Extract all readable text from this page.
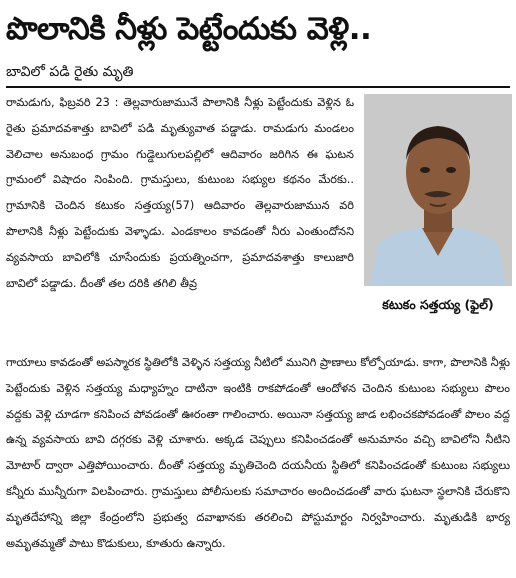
పొలానికి నీళ్లు పెట్టేందుకు వెళ్లి..
బావిలో పడి రైతు మృతి

రామడుగు, ఫిబ్రవరి 23 : తెల్లవారుజామునే పొలానికి నీళ్లు పెట్టేందుకు వెళ్లిన ఓ రైతు ప్రమాదవశాత్తు బావిలో పడి మృత్యువాత పడ్డాడు. రామడుగు మండలం వెలిచాల అనుబంధ గ్రామం గుడ్డెలుగులపల్లిలో ఆదివారం జరిగిన ఈ ఘటన గ్రామంలో విషాదం నింపింది. గ్రామస్తులు, కుటుంబ సభ్యుల కథనం మేరకు.. గ్రామానికి చెందిన కటుకం సత్తయ్య(57) ఆదివారం తెల్లవారుజామున వరి పొలానికి నీళ్లు పెట్టేందుకు వెళ్ళాడు. ఎండకాలం కావడంతో నీరు ఎంతుందోనని వ్యవసాయ బావిలోకి చూసేందుకు ప్రయత్నించగా, ప్రమాదవశాత్తు కాలుజారి బావిలో పడ్డాడు. దీంతో తల దరికి తగిలి తీవ్ర

కటుకం సత్తయ్య (ఫైల్)

గాయాలు కావడంతో అపస్మారక స్థితిలోకి వెళ్ళిన సత్తయ్య నీటిలో మునిగి ప్రాణాలు కోల్పోయాడు. కాగా, పొలానికి నీళ్లు పెట్టేందుకు వెళ్లిన సత్తయ్య మధ్యాహ్నం దాటినా ఇంటికి రాకపోడంతో ఆందోళన చెందిన కుటుంబ సభ్యులు పొలం వద్దకు వెళ్లి చూడగా కనిపించ పోవడంతో ఊరంతా గాలించారు. అయినా సత్తయ్య జాడ లభించకపోవడంతో పొలం వద్ద ఉన్న వ్యవసాయ బావి దగ్గరకు వెళ్లి చూశారు. అక్కడ చెప్పులు కనిపించడంతో అనుమానం వచ్చి బావిలోని నీటిని మోటార్ ద్వారా ఎత్తిపోయించారు. దీంతో సత్తయ్య మృతిచెంది దయనీయ స్థితిలో కనిపించడంతో కుటుంబ సభ్యులు కన్నీరు మున్నీరుగా విలపించారు. గ్రామస్తులు పోలీసులకు సమాచారం అందించడంతో వారు ఘటనా స్థలానికి చేరుకొని మృతదేహాన్ని జిల్లా కేంద్రంలోని ప్రభుత్వ దవాఖానకు తరలించి పోస్టుమార్టం నిర్వహించారు. మృతుడికి భార్య అమృతమ్మతో పాటు కొడుకులు, కూతురు ఉన్నారు.
